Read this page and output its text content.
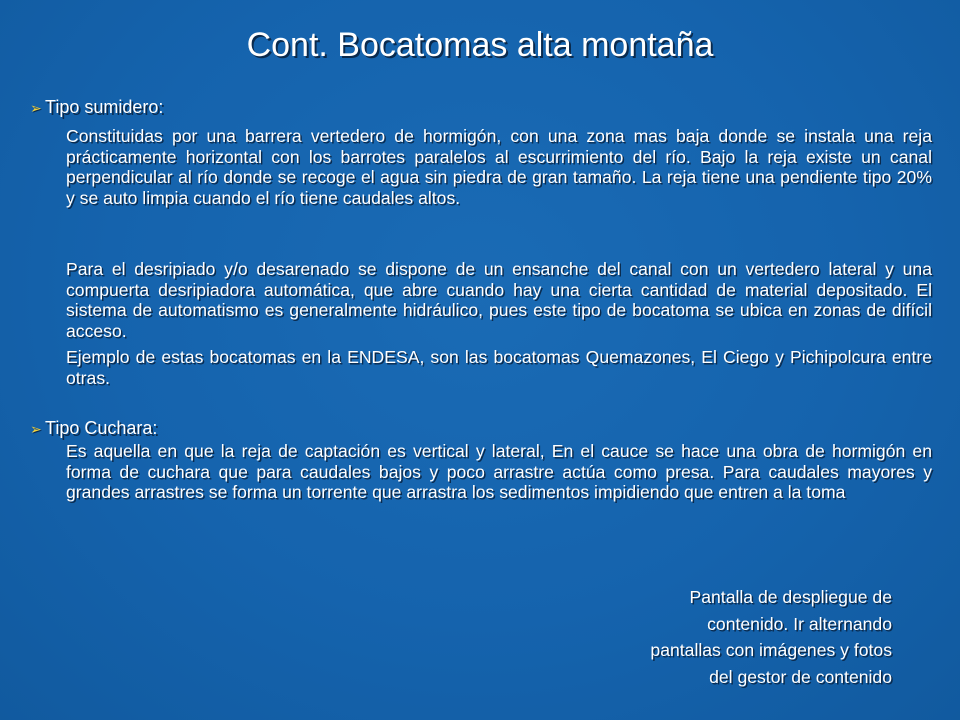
Cont. Bocatomas alta montaña
➢ Tipo sumidero:
Constituidas por una barrera vertedero de hormigón, con una zona mas baja donde se instala una reja prácticamente horizontal con los barrotes paralelos al escurrimiento del río. Bajo la reja existe un canal perpendicular al río donde se recoge el agua sin piedra de gran tamaño. La reja tiene una pendiente tipo 20% y se auto limpia cuando el río tiene caudales altos.
Para el desripiado y/o desarenado se dispone de un ensanche del canal con un vertedero lateral y una compuerta desripiadora automática, que abre cuando hay una cierta cantidad de material depositado. El sistema de automatismo es generalmente hidráulico, pues este tipo de bocatoma se ubica en zonas de difícil acceso.
Ejemplo de estas bocatomas en la ENDESA, son las bocatomas Quemazones, El Ciego y Pichipolcura entre otras.
➢ Tipo Cuchara:
Es aquella en que la reja de captación es vertical y lateral, En el cauce se hace una obra de hormigón en forma de cuchara que para caudales bajos y poco arrastre actúa como presa. Para caudales mayores y grandes arrastres se forma un torrente que arrastra los sedimentos impidiendo que entren a la toma
Pantalla de despliegue de
contenido. Ir alternando
pantallas con imágenes y fotos
del gestor de contenido
